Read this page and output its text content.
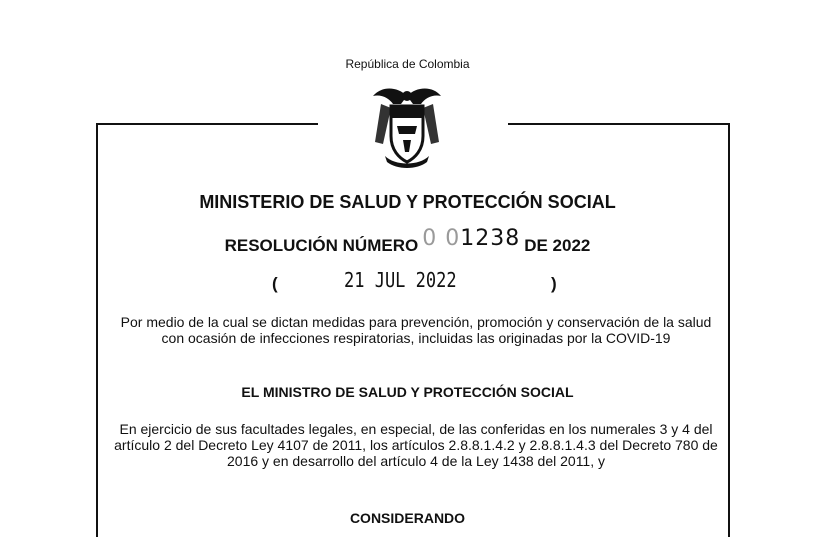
República de Colombia
MINISTERIO DE SALUD Y PROTECCIÓN SOCIAL
RESOLUCIÓN NÚMERO 0 01238 DE 2022
(	21 JUL 2022	)
Por medio de la cual se dictan medidas para prevención, promoción y conservación de la salud con ocasión de infecciones respiratorias, incluidas las originadas por la COVID-19
EL MINISTRO DE SALUD Y PROTECCIÓN SOCIAL
En ejercicio de sus facultades legales, en especial, de las conferidas en los numerales 3 y 4 del artículo 2 del Decreto Ley 4107 de 2011, los artículos 2.8.8.1.4.2 y 2.8.8.1.4.3 del Decreto 780 de 2016 y en desarrollo del artículo 4 de la Ley 1438 del 2011, y
CONSIDERANDO
